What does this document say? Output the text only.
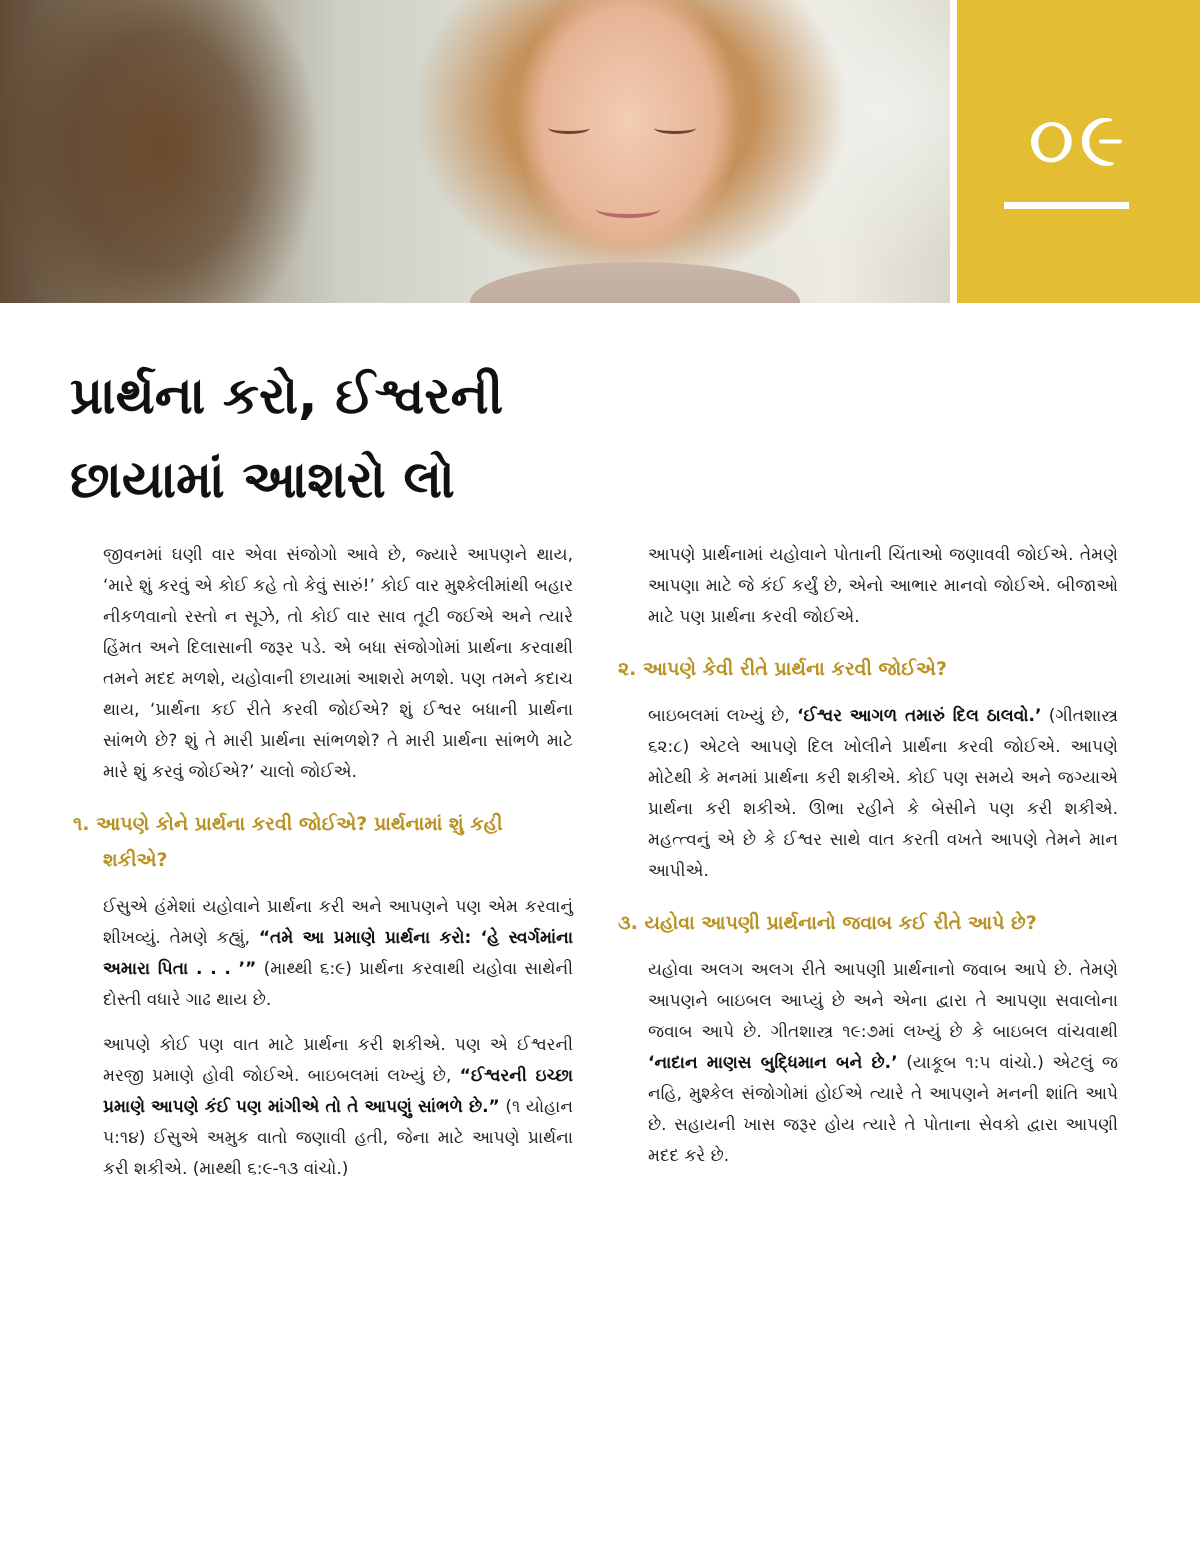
૦૯
પ્રાર્થના કરો, ઈશ્વરની
છાયામાં આશરો લો

જીવનમાં ઘણી વાર એવા સંજોગો આવે છે, જ્યારે આપણને થાય, ‘મારે શું કરવું એ કોઈ કહે તો કેવું સારું!’ કોઈ વાર મુશ્કેલીમાંથી બહાર નીકળવાનો રસ્તો ન સૂઝે, તો કોઈ વાર સાવ તૂટી જઈએ અને ત્યારે હિંમત અને દિલાસાની જરૂર પડે. એ બધા સંજોગોમાં પ્રાર્થના કરવાથી તમને મદદ મળશે, યહોવાની છાયામાં આશરો મળશે. પણ તમને કદાચ થાય, ‘પ્રાર્થના કઈ રીતે કરવી જોઈએ? શું ઈશ્વર બધાની પ્રાર્થના સાંભળે છે? શું તે મારી પ્રાર્થના સાંભળશે? તે મારી પ્રાર્થના સાંભળે માટે મારે શું કરવું જોઈએ?’ ચાલો જોઈએ.

૧. આપણે કોને પ્રાર્થના કરવી જોઈએ? પ્રાર્થનામાં શું કહી શકીએ?

ઈસુએ હંમેશાં યહોવાને પ્રાર્થના કરી અને આપણને પણ એમ કરવાનું શીખવ્યું. તેમણે કહ્યું, “તમે આ પ્રમાણે પ્રાર્થના કરો: ‘હે સ્વર્ગમાંના અમારા પિતા . . . ’” (માથ્થી ૬:૯) પ્રાર્થના કરવાથી યહોવા સાથેની દોસ્તી વધારે ગાઢ થાય છે.

આપણે કોઈ પણ વાત માટે પ્રાર્થના કરી શકીએ. પણ એ ઈશ્વરની મરજી પ્રમાણે હોવી જોઈએ. બાઇબલમાં લખ્યું છે, “ઈશ્વરની ઇચ્છા પ્રમાણે આપણે કંઈ પણ માંગીએ તો તે આપણું સાંભળે છે.” (૧ યોહાન ૫:૧૪) ઈસુએ અમુક વાતો જણાવી હતી, જેના માટે આપણે પ્રાર્થના કરી શકીએ. (માથ્થી ૬:૯-૧૩ વાંચો.)

આપણે પ્રાર્થનામાં યહોવાને પોતાની ચિંતાઓ જણાવવી જોઈએ. તેમણે આપણા માટે જે કંઈ કર્યું છે, એનો આભાર માનવો જોઈએ. બીજાઓ માટે પણ પ્રાર્થના કરવી જોઈએ.

૨. આપણે કેવી રીતે પ્રાર્થના કરવી જોઈએ?

બાઇબલમાં લખ્યું છે, ‘ઈશ્વર આગળ તમારું દિલ ઠાલવો.’ (ગીતશાસ્ત્ર ૬૨:૮) એટલે આપણે દિલ ખોલીને પ્રાર્થના કરવી જોઈએ. આપણે મોટેથી કે મનમાં પ્રાર્થના કરી શકીએ. કોઈ પણ સમયે અને જગ્યાએ પ્રાર્થના કરી શકીએ. ઊભા રહીને કે બેસીને પણ કરી શકીએ. મહત્ત્વનું એ છે કે ઈશ્વર સાથે વાત કરતી વખતે આપણે તેમને માન આપીએ.

૩. યહોવા આપણી પ્રાર્થનાનો જવાબ કઈ રીતે આપે છે?

યહોવા અલગ અલગ રીતે આપણી પ્રાર્થનાનો જવાબ આપે છે. તેમણે આપણને બાઇબલ આપ્યું છે અને એના દ્વારા તે આપણા સવાલોના જવાબ આપે છે. ગીતશાસ્ત્ર ૧૯:૭માં લખ્યું છે કે બાઇબલ વાંચવાથી ‘નાદાન માણસ બુદ્ધિમાન બને છે.’ (યાકૂબ ૧:૫ વાંચો.) એટલું જ નહિ, મુશ્કેલ સંજોગોમાં હોઈએ ત્યારે તે આપણને મનની શાંતિ આપે છે. સહાયની ખાસ જરૂર હોય ત્યારે તે પોતાના સેવકો દ્વારા આપણી મદદ કરે છે.
